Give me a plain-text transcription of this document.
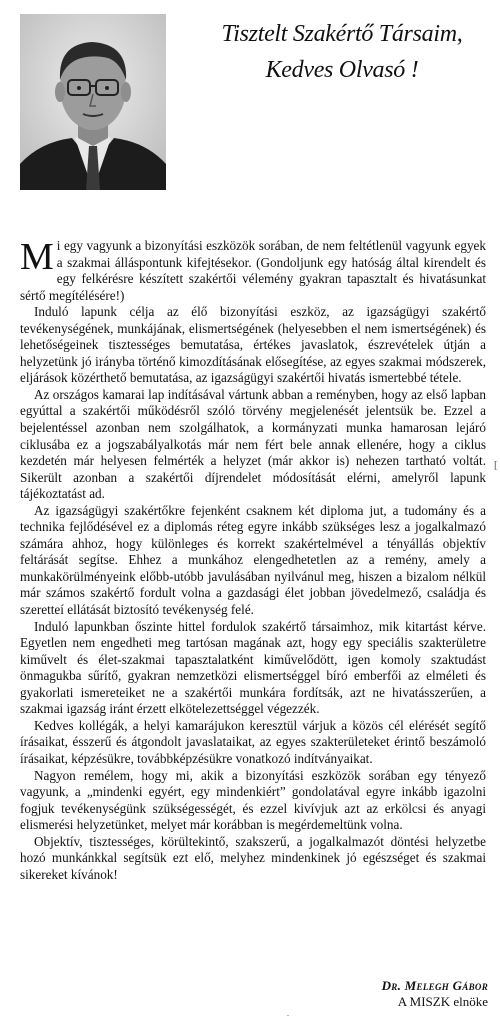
Tisztelt Szakértő Társaim,
Kedves Olvasó !

Mi egy vagyunk a bizonyítási eszközök sorában, de nem feltétlenül vagyunk egyek a szakmai álláspontunk kifejtésekor. (Gondoljunk egy hatóság által kirendelt és egy felkérésre készített szakértői vélemény gyakran tapasztalt és hivatásunkat sértő megítélésére!)

Induló lapunk célja az élő bizonyítási eszköz, az igazságügyi szakértő tevékenységének, munkájának, elismertségének (helyesebben el nem ismertségének) és lehetőségeinek tisztességes bemutatása, értékes javaslatok, észrevételek útján a helyzetünk jó irányba történő kimozdításának elősegítése, az egyes szakmai módszerek, eljárások közérthető bemutatása, az igazságügyi szakértői hivatás ismertebbé tétele.

Az országos kamarai lap indításával vártunk abban a reményben, hogy az első lapban egyúttal a szakértői működésről szóló törvény megjelenését jelentsük be. Ezzel a bejelentéssel azonban nem szolgálhatok, a kormányzati munka hamarosan lejáró ciklusába ez a jogszabályalkotás már nem fért bele annak ellenére, hogy a ciklus kezdetén már helyesen felmérték a helyzet (már akkor is) nehezen tartható voltát. Sikerült azonban a szakértői díjrendelet módosítását elérni, amelyről lapunk tájékoztatást ad.

Az igazságügyi szakértőkre fejenként csaknem két diploma jut, a tudomány és a technika fejlődésével ez a diplomás réteg egyre inkább szükséges lesz a jogalkalmazó számára ahhoz, hogy különleges és korrekt szakértelmével a tényállás objektív feltárását segítse. Ehhez a munkához elengedhetetlen az a remény, amely a munkakörülményeink előbb-utóbb javulásában nyilvánul meg, hiszen a bizalom nélkül már számos szakértő fordult volna a gazdasági élet jobban jövedelmező, családja és szeretteí ellátását biztosító tevékenység felé.

Induló lapunkban őszinte hittel fordulok szakértő társaimhoz, mik kitartást kérve. Egyetlen nem engedheti meg tartósan magának azt, hogy egy speciális szakterületre kiművelt és élet-szakmai tapasztalatként kiművelődött, igen komoly szaktudást önmagukba sűrítő, gyakran nemzetközi elismertséggel bíró emberfői az elméleti és gyakorlati ismereteiket ne a szakértői munkára fordítsák, azt ne hivatásszerűen, a szakmai igazság iránt érzett elkötelezettséggel végezzék.

Kedves kollégák, a helyi kamarájukon keresztül várjuk a közös cél elérését segítő írásaikat, ésszerű és átgondolt javaslataikat, az egyes szakterületeket érintő beszámoló írásaikat, képzésükre, továbbképzésükre vonatkozó indítványaikat.

Nagyon remélem, hogy mi, akik a bizonyítási eszközök sorában egy tényező vagyunk, a „mindenki egyért, egy mindenkiért” gondolatával egyre inkább igazolni fogjuk tevékenységünk szükségességét, és ezzel kivívjuk azt az erkölcsi és anyagi elismerési helyzetünket, melyet már korábban is megérdemeltünk volna.

Objektív, tisztességes, körültekintő, szakszerű, a jogalkalmazót döntési helyzetbe hozó munkánkkal segítsük ezt elő, melyhez mindenkinek jó egészséget és szakmai sikereket kívánok!

Dr. Melegh Gábor
A MISZK elnöke
[
.
